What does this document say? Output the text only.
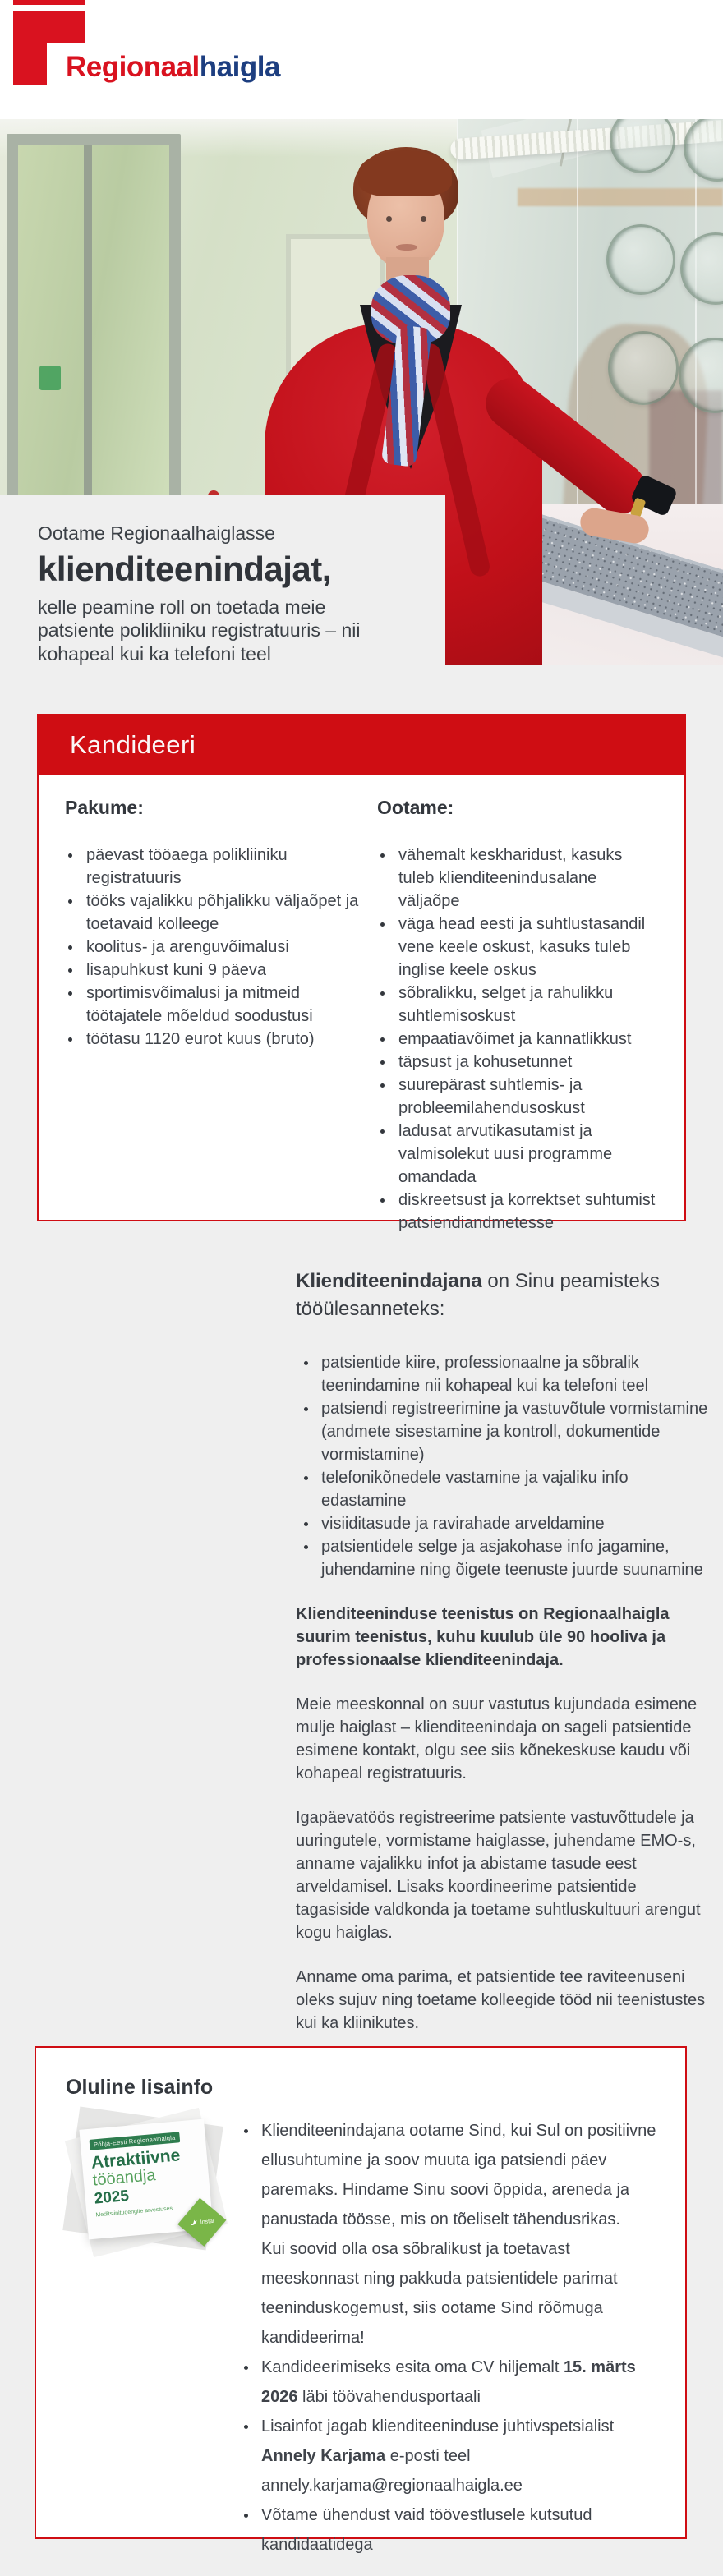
Regionaalhaigla

Ootame Regionaalhaiglasse

klienditeenindajat,

kelle peamine roll on toetada meie patsiente polikliiniku registratuuris – nii kohapeal kui ka telefoni teel

Kandideeri
Pakume:
• päevast tööaega polikliiniku registratuuris
• tööks vajalikku põhjalikku väljaõpet ja toetavaid kolleege
• koolitus- ja arenguvõimalusi
• lisapuhkust kuni 9 päeva
• sportimisvõimalusi ja mitmeid töötajatele mõeldud soodustusi
• töötasu 1120 eurot kuus (bruto)
Ootame:
• vähemalt keskharidust, kasuks tuleb klienditeenindusalane väljaõpe
• väga head eesti ja suhtlustasandil vene keele oskust, kasuks tuleb inglise keele oskus
• sõbralikku, selget ja rahulikku suhtlemisoskust
• empaatiavõimet ja kannatlikkust
• täpsust ja kohusetunnet
• suurepärast suhtlemis- ja probleemilahendusoskust
• ladusat arvutikasutamist ja valmisolekut uusi programme omandada
• diskreetsust ja korrektset suhtumist patsiendiandmetesse
Klienditeenindajana on Sinu peamisteks tööülesanneteks:
• patsientide kiire, professionaalne ja sõbralik teenindamine nii kohapeal kui ka telefoni teel
• patsiendi registreerimine ja vastuvõtule vormistamine (andmete sisestamine ja kontroll, dokumentide vormistamine)
• telefonikõnedele vastamine ja vajaliku info edastamine
• visiiditasude ja ravirahade arveldamine
• patsientidele selge ja asjakohase info jagamine, juhendamine ning õigete teenuste juurde suunamine

Klienditeeninduse teenistus on Regionaalhaigla suurim teenistus, kuhu kuulub üle 90 hooliva ja professionaalse klienditeenindaja.

Meie meeskonnal on suur vastutus kujundada esimene mulje haiglast – klienditeenindaja on sageli patsientide esimene kontakt, olgu see siis kõnekeskuse kaudu või kohapeal registratuuris.

Igapäevatöös registreerime patsiente vastuvõttudele ja uuringutele, vormistame haiglasse, juhendame EMO-s, anname vajalikku infot ja abistame tasude eest arveldamisel. Lisaks koordineerime patsientide tagasiside valdkonda ja toetame suhtluskultuuri arengut kogu haiglas.

Anname oma parima, et patsientide tee raviteenuseni oleks sujuv ning toetame kolleegide tööd nii teenistustes kui ka kliinikutes.

Oluline lisainfo
Põhja-Eesti Regionaalhaigla
Atraktiivne
tööandja
2025
Meditsiinitudengite arvestuses
Instar
• Klienditeenindajana ootame Sind, kui Sul on positiivne ellusuhtumine ja soov muuta iga patsiendi päev paremaks. Hindame Sinu soovi õppida, areneda ja panustada töösse, mis on tõeliselt tähendusrikas.
Kui soovid olla osa sõbralikust ja toetavast meeskonnast ning pakkuda patsientidele parimat teeninduskogemust, siis ootame Sind rõõmuga kandideerima!
• Kandideerimiseks esita oma CV hiljemalt 15. märts 2026 läbi töövahendusportaali
• Lisainfot jagab klienditeeninduse juhtivspetsialist Annely Karjama e-posti teel annely.karjama@regionaalhaigla.ee
• Võtame ühendust vaid töövestlusele kutsutud kandidaatidega
